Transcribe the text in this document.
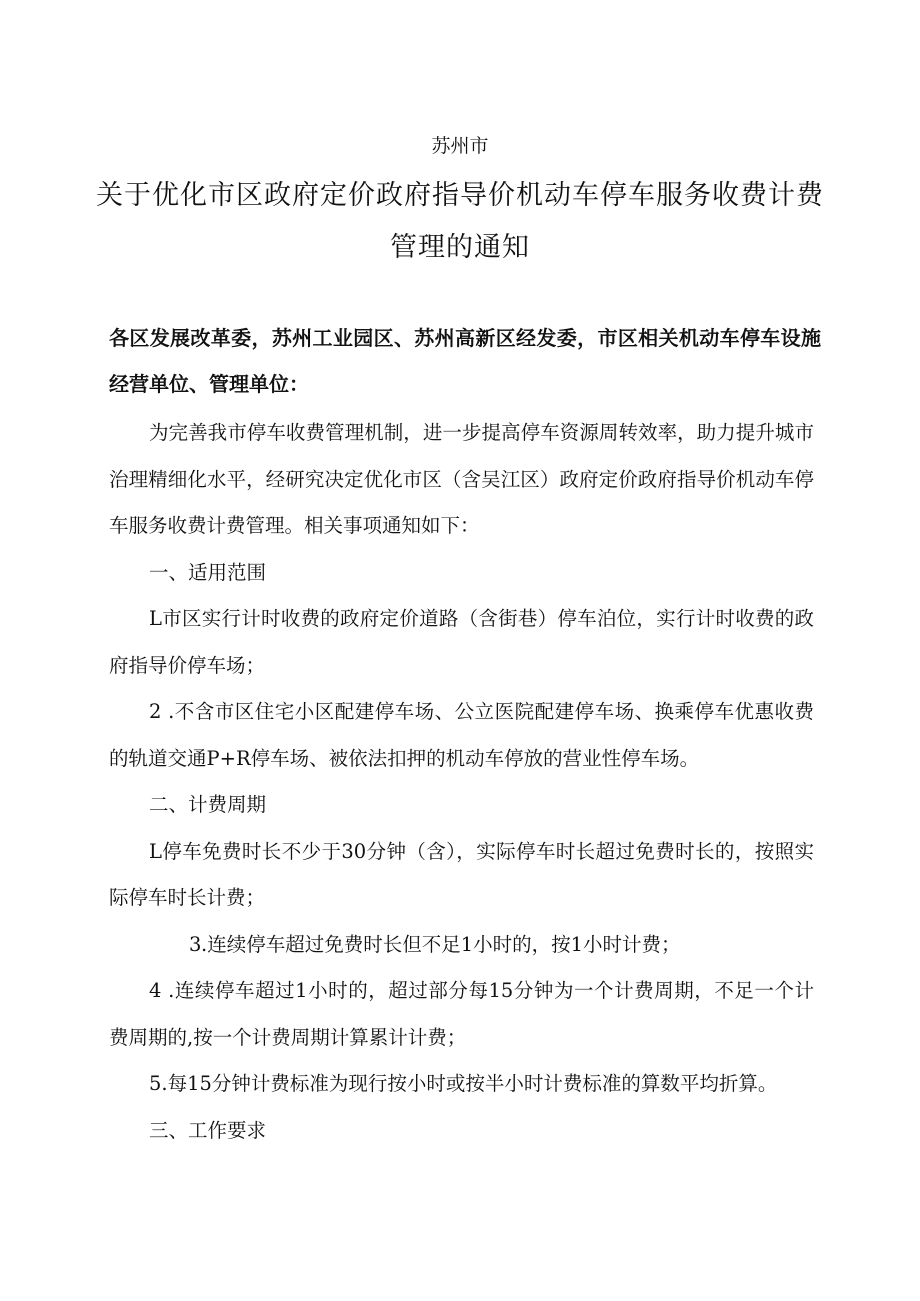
苏州市
关于优化市区政府定价政府指导价机动车停车服务收费计费管理的通知
各区发展改革委，苏州工业园区、苏州高新区经发委，市区相关机动车停车设施经营单位、管理单位：

为完善我市停车收费管理机制，进一步提高停车资源周转效率，助力提升城市治理精细化水平，经研究决定优化市区（含吴江区）政府定价政府指导价机动车停车服务收费计费管理。相关事项通知如下：

一、适用范围

L市区实行计时收费的政府定价道路（含街巷）停车泊位，实行计时收费的政府指导价停车场；

2 .不含市区住宅小区配建停车场、公立医院配建停车场、换乘停车优惠收费的轨道交通P+R停车场、被依法扣押的机动车停放的营业性停车场。

二、计费周期

L停车免费时长不少于30分钟（含），实际停车时长超过免费时长的，按照实际停车时长计费；

3.连续停车超过免费时长但不足1小时的，按1小时计费；

4 .连续停车超过1小时的，超过部分每15分钟为一个计费周期，不足一个计费周期的,按一个计费周期计算累计计费；

5.每15分钟计费标准为现行按小时或按半小时计费标准的算数平均折算。

三、工作要求
